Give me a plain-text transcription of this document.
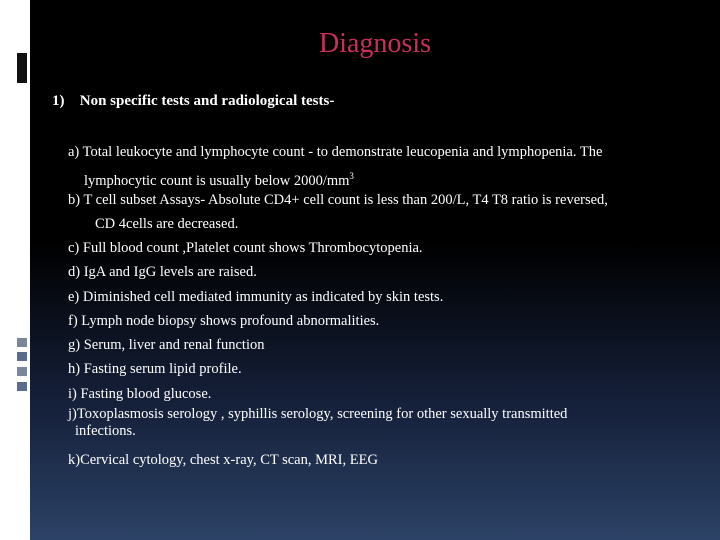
Diagnosis
1) Non specific tests and radiological tests-
a) Total leukocyte and lymphocyte count - to demonstrate leucopenia and lymphopenia. The
lymphocytic count is usually below $2000/mm^3$
b) T cell subset Assays- Absolute CD4+ cell count is less than 200/L, T4 T8 ratio is reversed,
CD 4cells are decreased.
c) Full blood count ,Platelet count shows Thrombocytopenia.
d) IgA and IgG levels are raised.
e) Diminished cell mediated immunity as indicated by skin tests.
f) Lymph node biopsy shows profound abnormalities.
g) Serum, liver and renal function
h) Fasting serum lipid profile.
i) Fasting blood glucose.
j)Toxoplasmosis serology , syphillis serology, screening for other sexually transmitted
infections.
k)Cervical cytology, chest x-ray, CT scan, MRI, EEG
